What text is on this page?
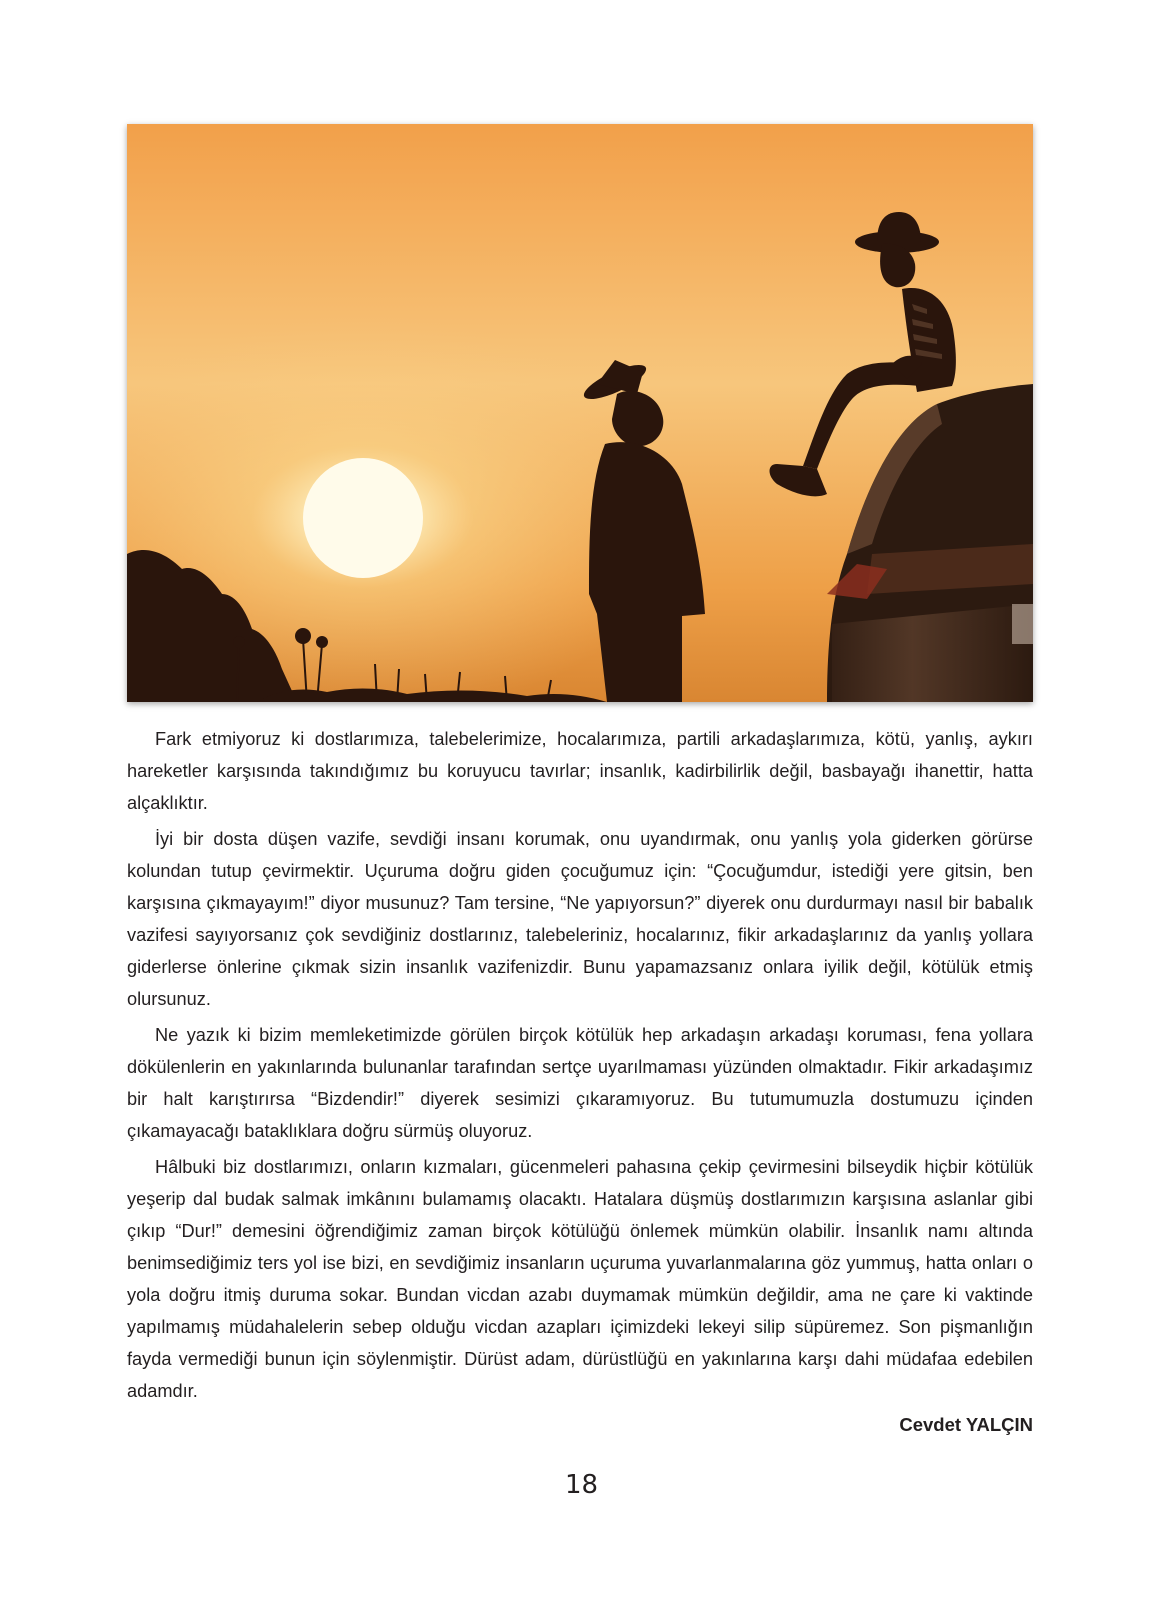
Fark etmiyoruz ki dostlarımıza, talebelerimize, hocalarımıza, partili arkadaşlarımıza, kötü, yanlış, aykırı hareketler karşısında takındığımız bu koruyucu tavırlar; insanlık, kadirbilirlik değil, basbayağı ihanettir, hatta alçaklıktır.

İyi bir dosta düşen vazife, sevdiği insanı korumak, onu uyandırmak, onu yanlış yola giderken görürse kolundan tutup çevirmektir. Uçuruma doğru giden çocuğumuz için: “Çocuğumdur, istediği yere gitsin, ben karşısına çıkmayayım!” diyor musunuz? Tam tersine, “Ne yapıyorsun?” diyerek onu durdurmayı nasıl bir babalık vazifesi sayıyorsanız çok sevdiğiniz dostlarınız, talebeleriniz, hocalarınız, fikir arkadaşlarınız da yanlış yollara giderlerse önlerine çıkmak sizin insanlık vazifenizdir. Bunu yapamazsanız onlara iyilik değil, kötülük etmiş olursunuz.

Ne yazık ki bizim memleketimizde görülen birçok kötülük hep arkadaşın arkadaşı koruması, fena yollara dökülenlerin en yakınlarında bulunanlar tarafından sertçe uyarılmaması yüzünden olmaktadır. Fikir arkadaşımız bir halt karıştırırsa “Bizdendir!” diyerek sesimizi çıkaramıyoruz. Bu tutumumuzla dostumuzu içinden çıkamayacağı bataklıklara doğru sürmüş oluyoruz.

Hâlbuki biz dostlarımızı, onların kızmaları, gücenmeleri pahasına çekip çevirmesini bilseydik hiçbir kötülük yeşerip dal budak salmak imkânını bulamamış olacaktı. Hatalara düşmüş dostlarımızın karşısına aslanlar gibi çıkıp “Dur!” demesini öğrendiğimiz zaman birçok kötülüğü önlemek mümkün olabilir. İnsanlık namı altında benimsediğimiz ters yol ise bizi, en sevdiğimiz insanların uçuruma yuvarlanmalarına göz yummuş, hatta onları o yola doğru itmiş duruma sokar. Bundan vicdan azabı duymamak mümkün değildir, ama ne çare ki vaktinde yapılmamış müdahalelerin sebep olduğu vicdan azapları içimizdeki lekeyi silip süpüremez. Son pişmanlığın fayda vermediği bunun için söylenmiştir. Dürüst adam, dürüstlüğü en yakınlarına karşı dahi müdafaa edebilen adamdır.

Cevdet YALÇIN
18
